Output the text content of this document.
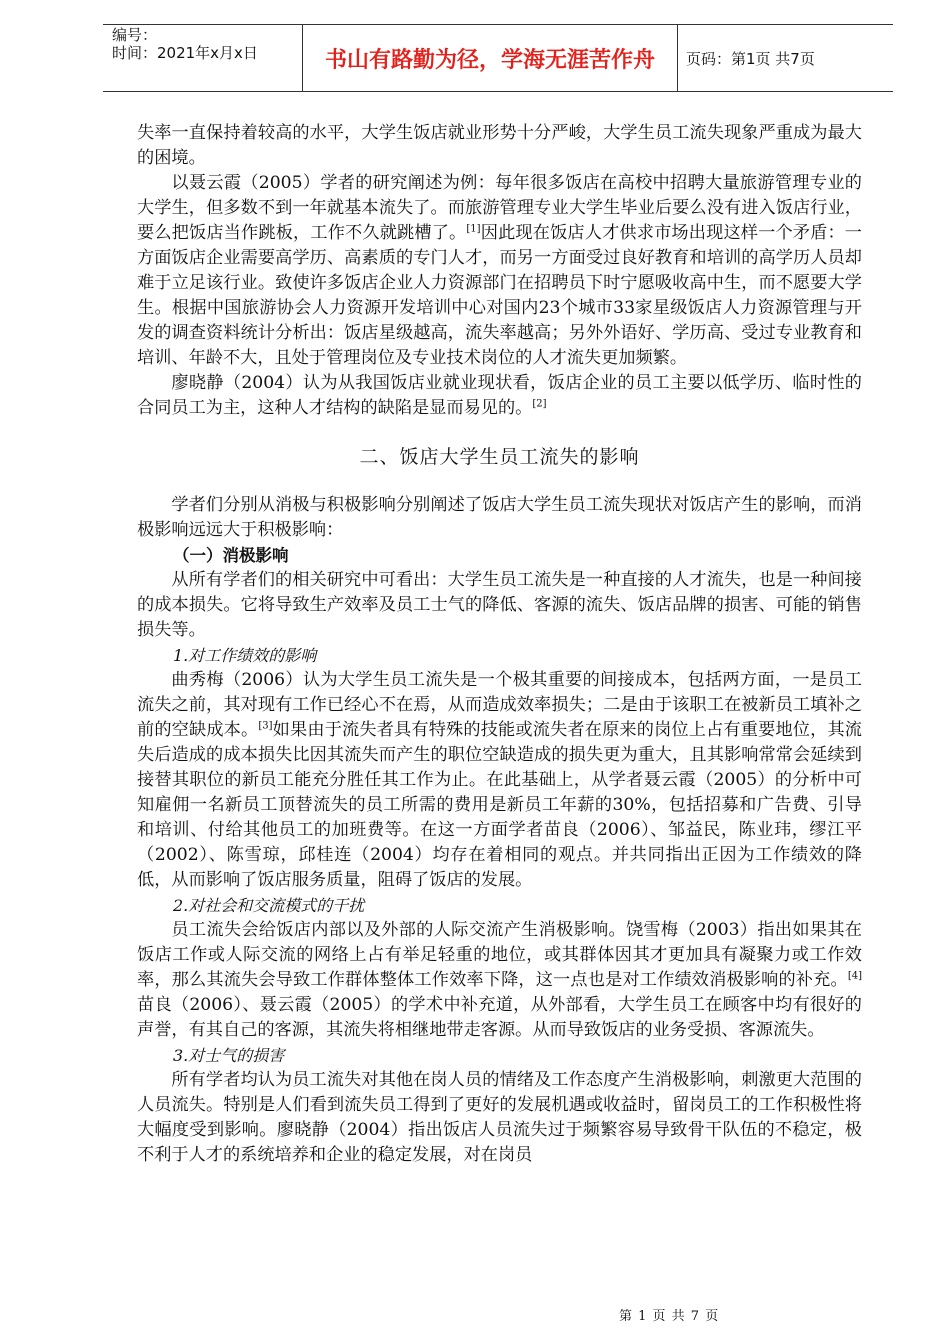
编号：
时间：2021年x月x日	书山有路勤为径，学海无涯苦作舟	页码：第1页 共7页

失率一直保持着较高的水平，大学生饭店就业形势十分严峻，大学生员工流失现象严重成为最大的困境。

以聂云霞（2005）学者的研究阐述为例：每年很多饭店在高校中招聘大量旅游管理专业的大学生，但多数不到一年就基本流失了。而旅游管理专业大学生毕业后要么没有进入饭店行业，要么把饭店当作跳板，工作不久就跳槽了。[1]因此现在饭店人才供求市场出现这样一个矛盾：一方面饭店企业需要高学历、高素质的专门人才，而另一方面受过良好教育和培训的高学历人员却难于立足该行业。致使许多饭店企业人力资源部门在招聘员下时宁愿吸收高中生，而不愿要大学生。根据中国旅游协会人力资源开发培训中心对国内23个城市33家星级饭店人力资源管理与开发的调查资料统计分析出：饭店星级越高，流失率越高；另外外语好、学历高、受过专业教育和培训、年龄不大，且处于管理岗位及专业技术岗位的人才流失更加频繁。

廖晓静（2004）认为从我国饭店业就业现状看，饭店企业的员工主要以低学历、临时性的合同员工为主，这种人才结构的缺陷是显而易见的。[2]

二、饭店大学生员工流失的影响

学者们分别从消极与积极影响分别阐述了饭店大学生员工流失现状对饭店产生的影响，而消极影响远远大于积极影响：

（一）消极影响

从所有学者们的相关研究中可看出：大学生员工流失是一种直接的人才流失，也是一种间接的成本损失。它将导致生产效率及员工士气的降低、客源的流失、饭店品牌的损害、可能的销售损失等。

1.对工作绩效的影响

曲秀梅（2006）认为大学生员工流失是一个极其重要的间接成本，包括两方面，一是员工流失之前，其对现有工作已经心不在焉，从而造成效率损失；二是由于该职工在被新员工填补之前的空缺成本。[3]如果由于流失者具有特殊的技能或流失者在原来的岗位上占有重要地位，其流失后造成的成本损失比因其流失而产生的职位空缺造成的损失更为重大，且其影响常常会延续到接替其职位的新员工能充分胜任其工作为止。在此基础上，从学者聂云霞（2005）的分析中可知雇佣一名新员工顶替流失的员工所需的费用是新员工年薪的30%，包括招募和广告费、引导和培训、付给其他员工的加班费等。在这一方面学者苗良（2006）、邹益民，陈业玮，缪江平（2002）、陈雪琼，邱桂连（2004）均存在着相同的观点。并共同指出正因为工作绩效的降低，从而影响了饭店服务质量，阻碍了饭店的发展。

2.对社会和交流模式的干扰

员工流失会给饭店内部以及外部的人际交流产生消极影响。饶雪梅（2003）指出如果其在饭店工作或人际交流的网络上占有举足轻重的地位，或其群体因其才更加具有凝聚力或工作效率，那么其流失会导致工作群体整体工作效率下降，这一点也是对工作绩效消极影响的补充。[4]苗良（2006）、聂云霞（2005）的学术中补充道，从外部看，大学生员工在顾客中均有很好的声誉，有其自己的客源，其流失将相继地带走客源。从而导致饭店的业务受损、客源流失。

3.对士气的损害

所有学者均认为员工流失对其他在岗人员的情绪及工作态度产生消极影响，刺激更大范围的人员流失。特别是人们看到流失员工得到了更好的发展机遇或收益时，留岗员工的工作积极性将大幅度受到影响。廖晓静（2004）指出饭店人员流失过于频繁容易导致骨干队伍的不稳定，极不利于人才的系统培养和企业的稳定发展，对在岗员

第 1 页 共 7 页
